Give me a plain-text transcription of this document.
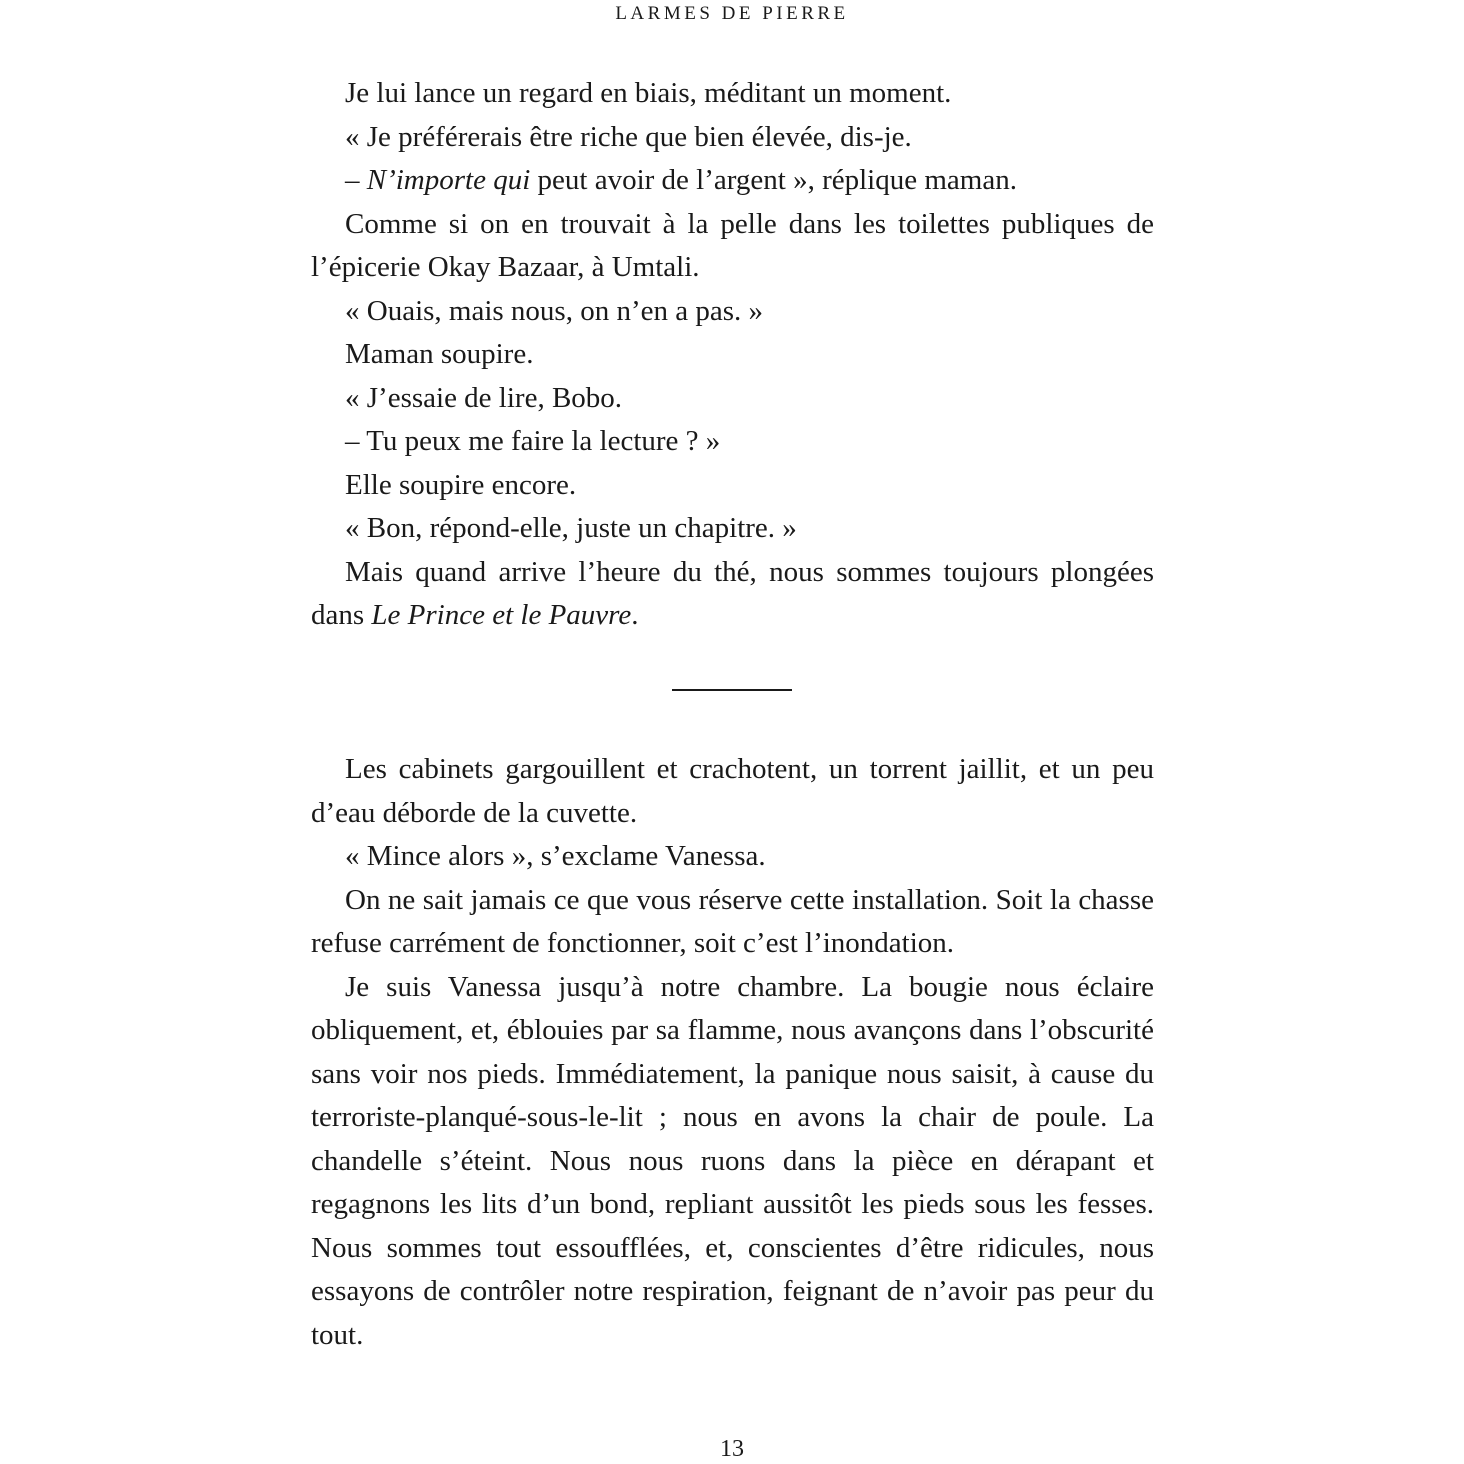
LARMES DE PIERRE

Je lui lance un regard en biais, méditant un moment.

« Je préférerais être riche que bien élevée, dis-je.

– N’importe qui peut avoir de l’argent », réplique maman.

Comme si on en trouvait à la pelle dans les toilettes publiques de l’épicerie Okay Bazaar, à Umtali.

« Ouais, mais nous, on n’en a pas. »

Maman soupire.

« J’essaie de lire, Bobo.

– Tu peux me faire la lecture ? »

Elle soupire encore.

« Bon, répond-elle, juste un chapitre. »

Mais quand arrive l’heure du thé, nous sommes toujours plongées dans Le Prince et le Pauvre.

Les cabinets gargouillent et crachotent, un torrent jaillit, et un peu d’eau déborde de la cuvette.

« Mince alors », s’exclame Vanessa.

On ne sait jamais ce que vous réserve cette installation. Soit la chasse refuse carrément de fonctionner, soit c’est l’inondation.

Je suis Vanessa jusqu’à notre chambre. La bougie nous éclaire obliquement, et, éblouies par sa flamme, nous avançons dans l’obscurité sans voir nos pieds. Immédiatement, la panique nous saisit, à cause du terroriste-planqué-sous-le-lit ; nous en avons la chair de poule. La chandelle s’éteint. Nous nous ruons dans la pièce en dérapant et regagnons les lits d’un bond, repliant aussitôt les pieds sous les fesses. Nous sommes tout essoufflées, et, conscientes d’être ridicules, nous essayons de contrôler notre respiration, feignant de n’avoir pas peur du tout.

13
